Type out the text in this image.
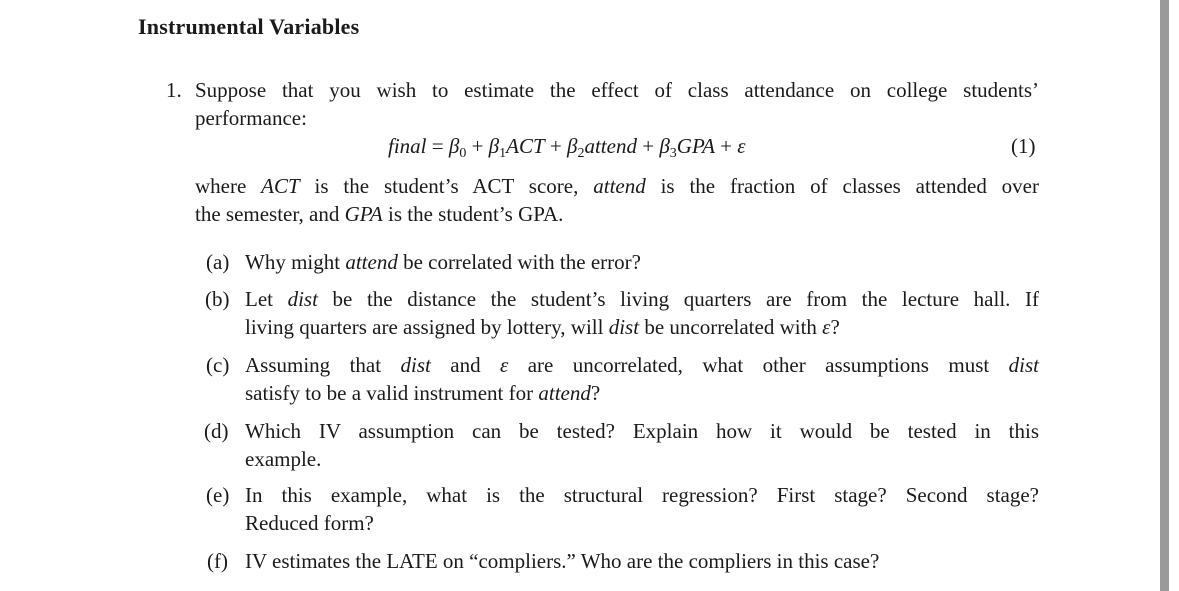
Instrumental Variables
1. Suppose that you wish to estimate the effect of class attendance on college students’
performance:
final = $\beta_0 + \beta_1ACT$ + $\beta_2attend + \beta_3GPA + \varepsilon$	(1)
where ACT is the student’s ACT score, attend is the fraction of classes attended over
the semester, and GPA is the student’s GPA.
(a) Why might attend be correlated with the error?
(b) Let dist be the distance the student’s living quarters are from the lecture hall. If
living quarters are assigned by lottery, will dist be uncorrelated with ε?
(c) Assuming that dist and ε are uncorrelated, what other assumptions must dist
satisfy to be a valid instrument for attend?
(d) Which IV assumption can be tested? Explain how it would be tested in this
example.
(e) In this example, what is the structural regression? First stage? Second stage?
Reduced form?
(f) IV estimates the LATE on “compliers.” Who are the compliers in this case?
